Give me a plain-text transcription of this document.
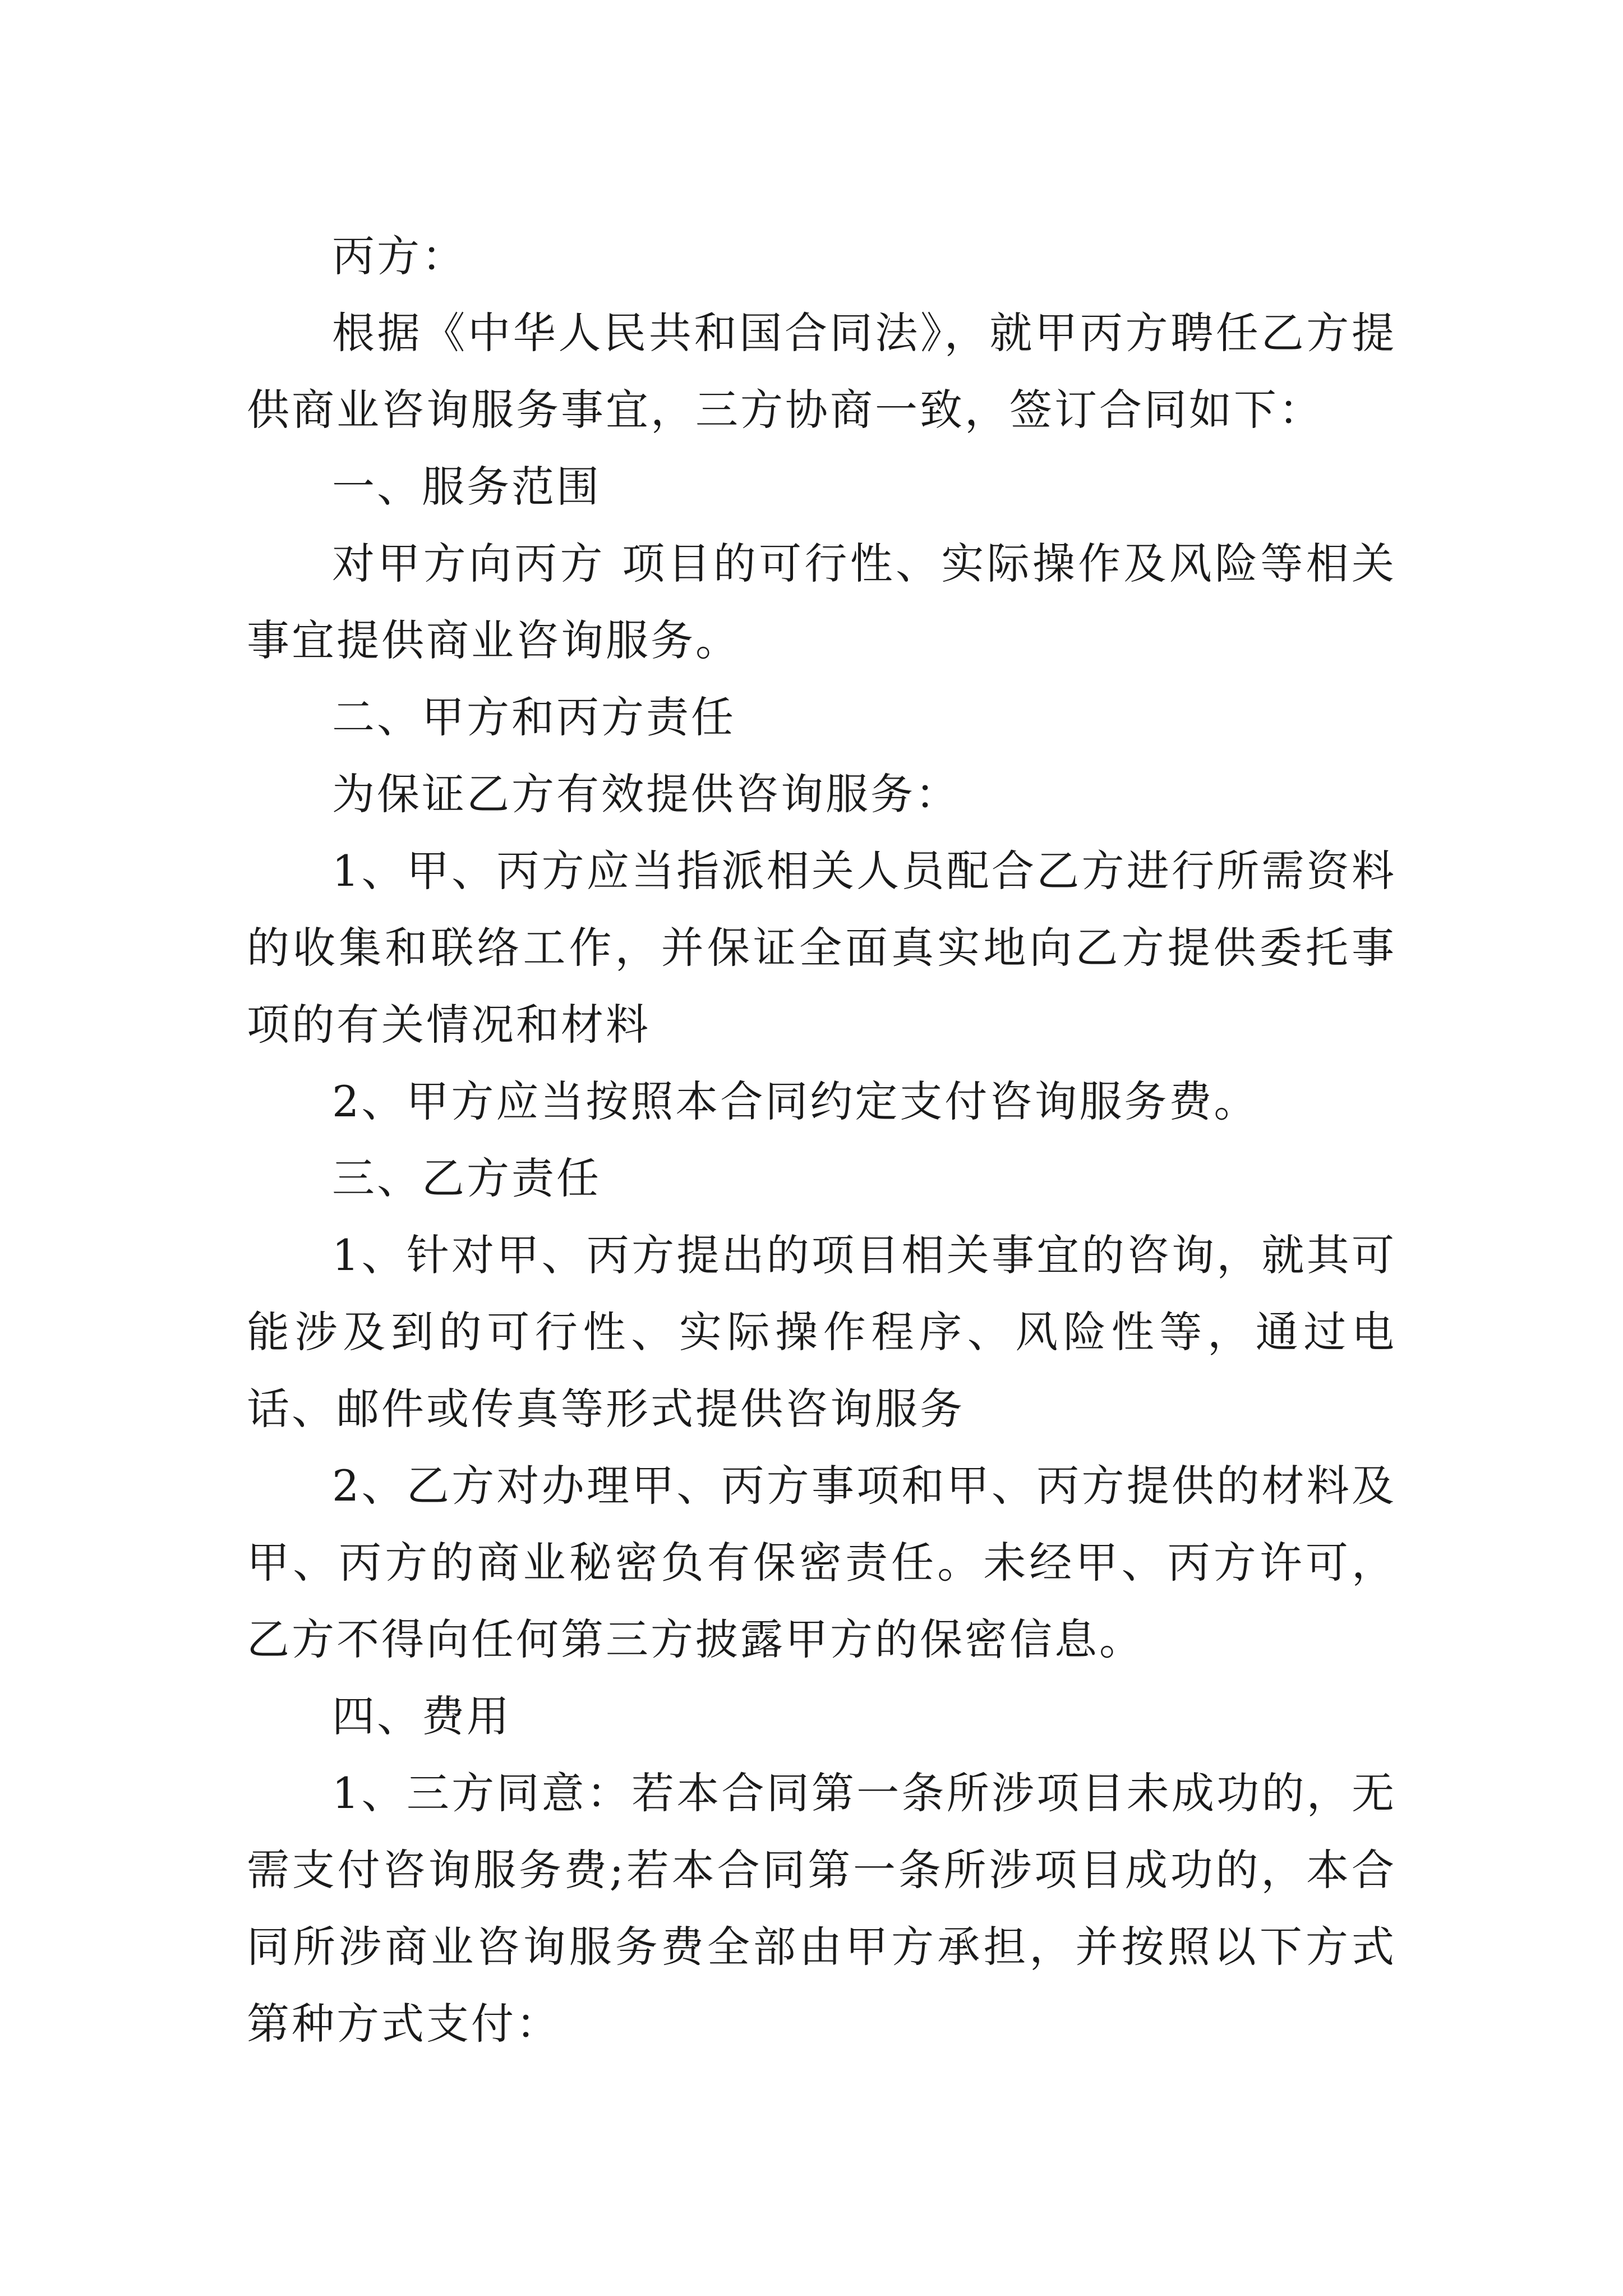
丙方：

根据《中华人民共和国合同法》，就甲丙方聘任乙方提供商业咨询服务事宜，三方协商一致，签订合同如下：

一、服务范围

对甲方向丙方 项目的可行性、实际操作及风险等相关事宜提供商业咨询服务。

二、甲方和丙方责任

为保证乙方有效提供咨询服务：

1、甲、丙方应当指派相关人员配合乙方进行所需资料的收集和联络工作，并保证全面真实地向乙方提供委托事项的有关情况和材料

2、甲方应当按照本合同约定支付咨询服务费。

三、乙方责任

1、针对甲、丙方提出的项目相关事宜的咨询，就其可能涉及到的可行性、实际操作程序、风险性等，通过电话、邮件或传真等形式提供咨询服务

2、乙方对办理甲、丙方事项和甲、丙方提供的材料及甲、丙方的商业秘密负有保密责任。未经甲、丙方许可，乙方不得向任何第三方披露甲方的保密信息。

四、费用

1、三方同意：若本合同第一条所涉项目未成功的，无需支付咨询服务费;若本合同第一条所涉项目成功的，本合同所涉商业咨询服务费全部由甲方承担，并按照以下方式第种方式支付：
